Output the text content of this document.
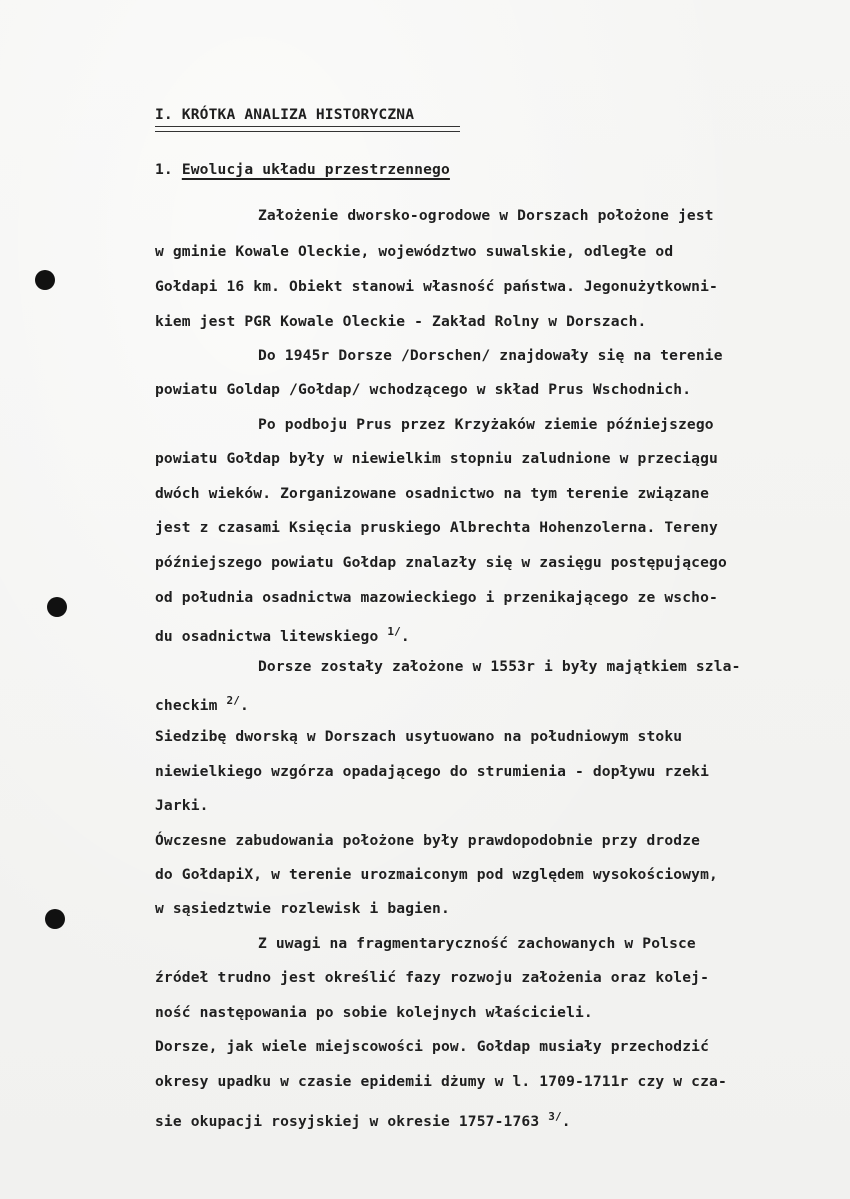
I. KRÓTKA ANALIZA HISTORYCZNA
1. Ewolucja układu przestrzennego
Założenie dworsko-ogrodowe w Dorszach położone jest
w gminie Kowale Oleckie, województwo suwalskie, odległe od
Gołdapi 16 km. Obiekt stanowi własność państwa. Jegonużytkowni-
kiem jest PGR Kowale Oleckie - Zakład Rolny w Dorszach.
Do 1945r Dorsze /Dorschen/ znajdowały się na terenie
powiatu Goldap /Gołdap/ wchodzącego w skład Prus Wschodnich.
Po podboju Prus przez Krzyżaków ziemie późniejszego
powiatu Gołdap były w niewielkim stopniu zaludnione w przeciągu
dwóch wieków. Zorganizowane osadnictwo na tym terenie związane
jest z czasami Księcia pruskiego Albrechta Hohenzolerna. Tereny
późniejszego powiatu Gołdap znalazły się w zasięgu postępującego
od południa osadnictwa mazowieckiego i przenikającego ze wscho-
du osadnictwa litewskiego $^{1/}$.
Dorsze zostały założone w 1553r i były majątkiem szla-
checkim $^{2/}$.
Siedzibę dworską w Dorszach usytuowano na południowym stoku
niewielkiego wzgórza opadającego do strumienia - dopływu rzeki
Jarki.
Ówczesne zabudowania położone były prawdopodobnie przy drodze
do GołdapiX, w terenie urozmaiconym pod względem wysokościowym,
w sąsiedztwie rozlewisk i bagien.
Z uwagi na fragmentaryczność zachowanych w Polsce
źródeł trudno jest określić fazy rozwoju założenia oraz kolej-
ność następowania po sobie kolejnych właścicieli.
Dorsze, jak wiele miejscowości pow. Gołdap musiały przechodzić
okresy upadku w czasie epidemii dżumy w l. 1709-1711r czy w cza-
sie okupacji rosyjskiej w okresie 1757-1763 $^{3/}$.
